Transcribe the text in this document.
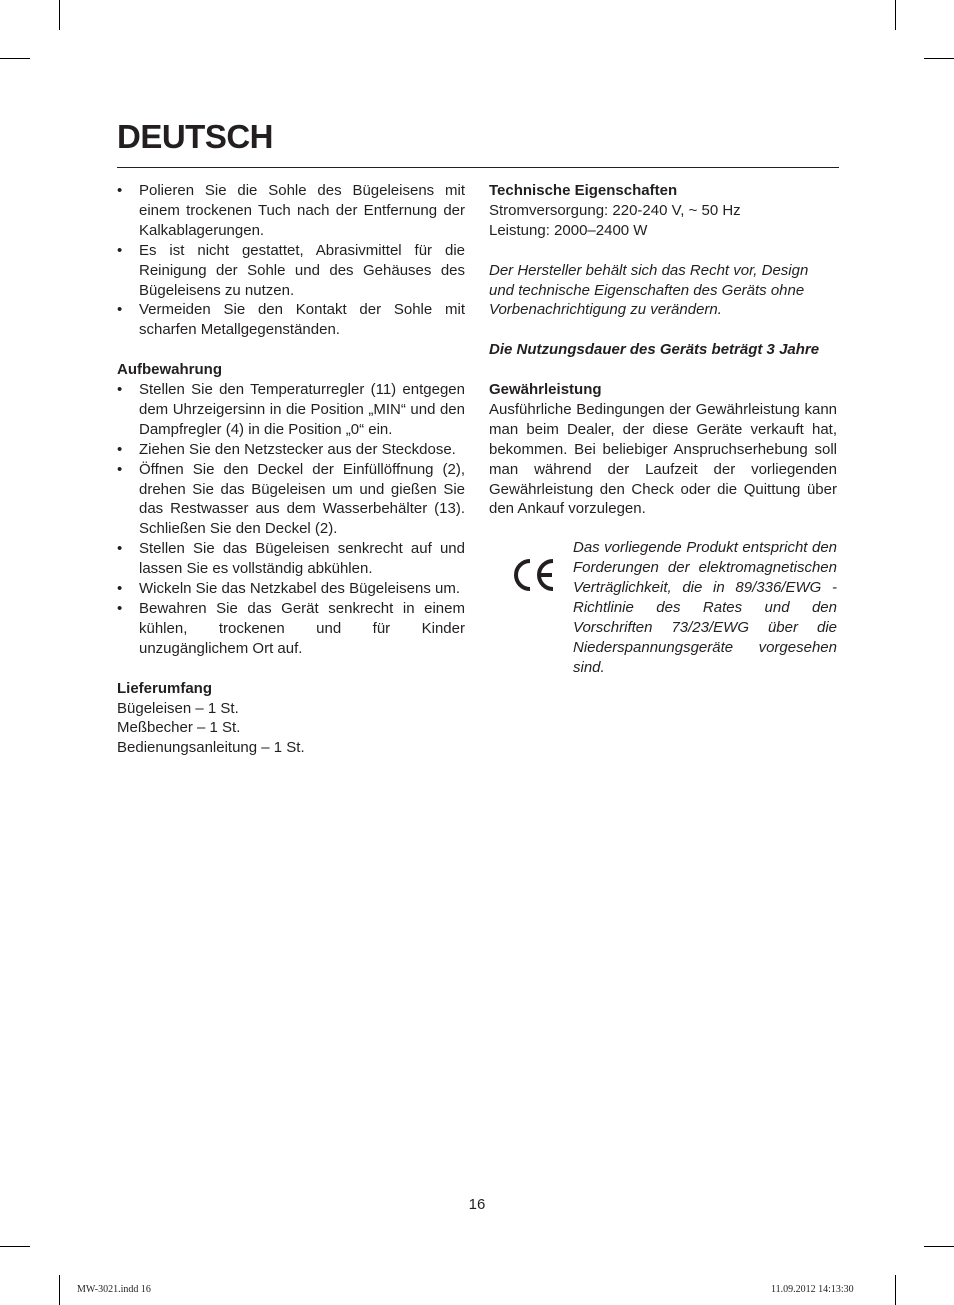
DEUTSCH
• Polieren Sie die Sohle des Bügeleisens mit einem trockenen Tuch nach der Entfernung der Kalkablagerungen.
• Es ist nicht gestattet, Abrasivmittel für die Reinigung der Sohle und des Gehäuses des Bügeleisens zu nutzen.
• Vermeiden Sie den Kontakt der Sohle mit scharfen Metallgegenständen.

Aufbewahrung

• Stellen Sie den Temperaturregler (11) entgegen dem Uhrzeigersinn in die Position „MIN“ und den Dampfregler (4) in die Position „0“ ein.
• Ziehen Sie den Netzstecker aus der Steckdose.
• Öffnen Sie den Deckel der Einfüllöffnung (2), drehen Sie das Bügeleisen um und gießen Sie das Restwasser aus dem Wasserbehälter (13). Schließen Sie den Deckel (2).
• Stellen Sie das Bügeleisen senkrecht auf und lassen Sie es vollständig abkühlen.
• Wickeln Sie das Netzkabel des Bügeleisens um.
• Bewahren Sie das Gerät senkrecht in einem kühlen, trockenen und für Kinder unzugänglichem Ort auf.

Lieferumfang

Bügeleisen – 1 St.

Meßbecher – 1 St.

Bedienungsanleitung – 1 St.

Technische Eigenschaften

Stromversorgung: 220-240 V, ~ 50 Hz

Leistung: 2000–2400 W

Der Hersteller behält sich das Recht vor, Design und technische Eigenschaften des Geräts ohne Vorbenachrichtigung zu verändern.

Die Nutzungsdauer des Geräts beträgt 3 Jahre

Gewährleistung

Ausführliche Bedingungen der Gewährleistung kann man beim Dealer, der diese Geräte verkauft hat, bekommen. Bei beliebiger Anspruchserhebung soll man während der Laufzeit der vorliegenden Gewährleistung den Check oder die Quittung über den Ankauf vorzulegen.

Das vorliegende Produkt entspricht den Forderungen der elektromagnetischen Verträglichkeit, die in 89/336/EWG -Richtlinie des Rates und den Vorschriften 73/23/EWG über die Niederspannungsgeräte vorgesehen sind.

16
MW-3021.indd 16	11.09.2012 14:13:30
